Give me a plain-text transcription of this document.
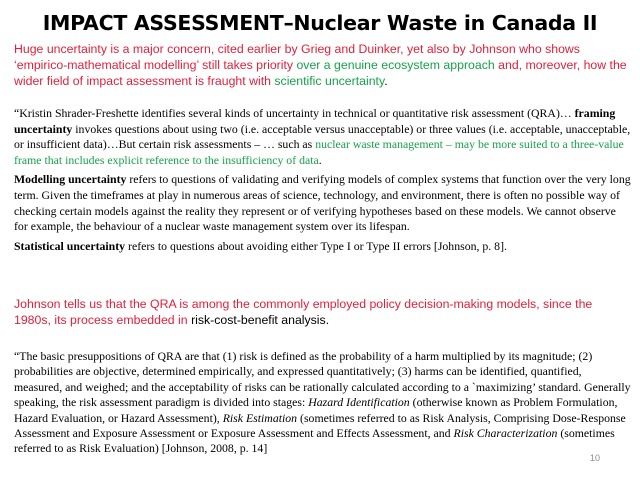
IMPACT ASSESSMENT–Nuclear Waste in Canada II
Huge uncertainty is a major concern, cited earlier by Grieg and Duinker, yet also by Johnson who shows ‘empirico-mathematical modelling’ still takes priority over a genuine ecosystem approach and, moreover, how the wider field of impact assessment is fraught with scientific uncertainty.

“Kristin Shrader-Freshette identifies several kinds of uncertainty in technical or quantitative risk assessment (QRA)… framing uncertainty invokes questions about using two (i.e. acceptable versus unacceptable) or three values (i.e. acceptable, unacceptable, or insufficient data)…But certain risk assessments – … such as nuclear waste management – may be more suited to a three-value frame that includes explicit reference to the insufficiency of data.

Modelling uncertainty refers to questions of validating and verifying models of complex systems that function over the very long term. Given the timeframes at play in numerous areas of science, technology, and environment, there is often no possible way of checking certain models against the reality they represent or of verifying hypotheses based on these models. We cannot observe for example, the behaviour of a nuclear waste management system over its lifespan.

Statistical uncertainty refers to questions about avoiding either Type I or Type II errors [Johnson, p. 8].

Johnson tells us that the QRA is among the commonly employed policy decision-making models, since the 1980s, its process embedded in risk-cost-benefit analysis.
“The basic presuppositions of QRA are that (1) risk is defined as the probability of a harm multiplied by its magnitude; (2) probabilities are objective, determined empirically, and expressed quantitatively; (3) harms can be identified, quantified, measured, and weighed; and the acceptability of risks can be rationally calculated according to a `maximizing’ standard. Generally speaking, the risk assessment paradigm is divided into stages: Hazard Identification (otherwise known as Problem Formulation, Hazard Evaluation, or Hazard Assessment), Risk Estimation (sometimes referred to as Risk Analysis, Comprising Dose-Response Assessment and Exposure Assessment or Exposure Assessment and Effects Assessment, and Risk Characterization (sometimes referred to as Risk Evaluation) [Johnson, 2008, p. 14]
10
